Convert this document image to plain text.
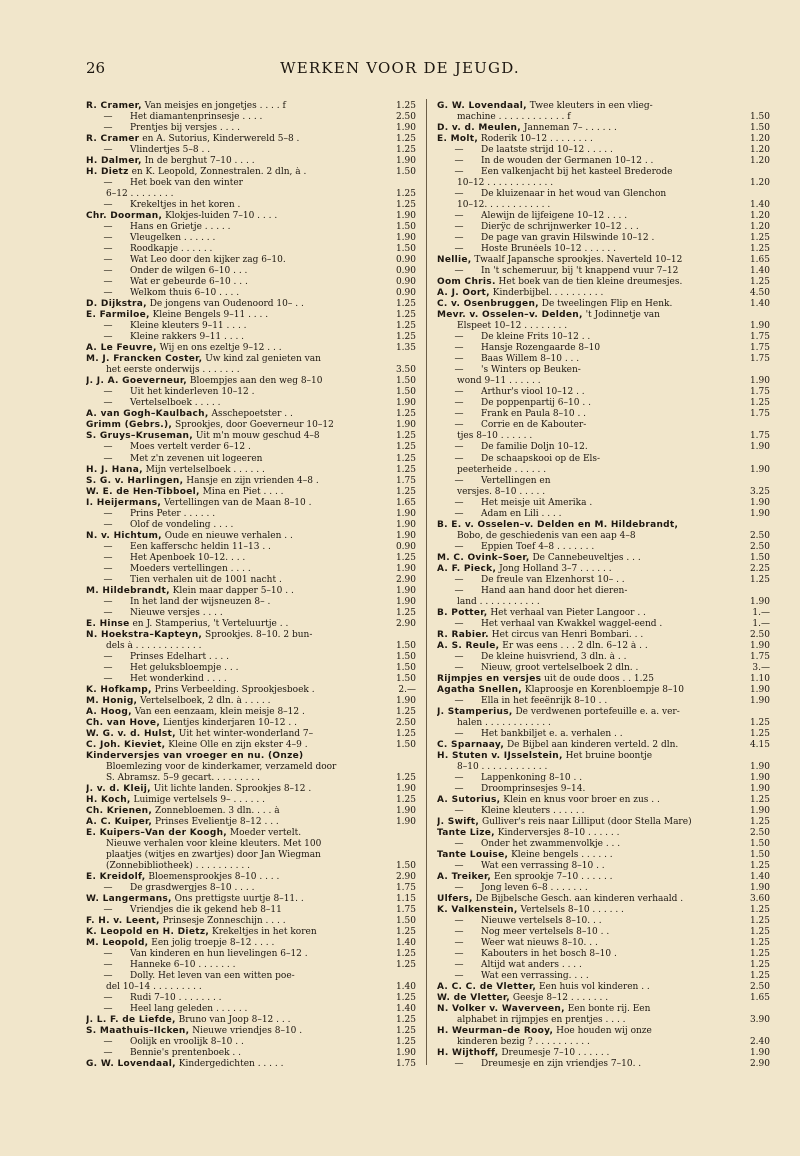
26	WERKEN VOOR DE JEUGD.
R. Cramer, Van meisjes en jongetjes . . . . f	1.25
— Het diamantenprinsesje . . . .	2.50
— Prentjes bij versjes . . . .	1.90
R. Cramer en A. Sutorius, Kinderwereld 5–8 .	1.25
— Vlindertjes 5–8 . .	1.25
H. Dalmer, In de berghut 7–10 . . . .	1.90
H. Dietz en K. Leopold, Zonnestralen. 2 dln, à .	1.50
— Het boek van den winter
6–12 . . . . . . . .	1.25
— Krekeltjes in het koren .	1.25
Chr. Doorman, Klokjes-luiden 7–10 . . . .	1.90
— Hans en Grietje . . . . .	1.50
— Vleugelken . . . . . .	1.90
— Roodkapje . . . . . .	1.50
— Wat Leo door den kijker zag 6–10.	0.90
— Onder de wilgen 6–10 . . .	0.90
— Wat er gebeurde 6–10 . . .	0.90
— Welkom thuis 6–10 . . . .	0.90
D. Dijkstra, De jongens van Oudenoord 10– . .	1.25
E. Farmiloe, Kleine Bengels 9–11 . . . .	1.25
— Kleine kleuters 9–11 . . . .	1.25
— Kleine rakkers 9–11 . . . .	1.25
A. Le Feuvre, Wij en ons ezeltje 9–12 . . .	1.35
M. J. Francken Coster, Uw kind zal genieten van
het eerste onderwijs . . . . . . .	3.50
J. J. A. Goeverneur, Bloempjes aan den weg 8–10	1.50
— Uit het kinderleven 10–12 .	1.50
— Vertelselboek . . . . .	1.90
A. van Gogh–Kaulbach, Asschepoetster . .	1.25
Grimm (Gebrs.), Sprookjes, door Goeverneur 10–12	1.90
S. Gruys–Kruseman, Uit m'n mouw geschud 4–8	1.25
— Moes vertelt verder 6–12 .	1.25
— Met z'n zevenen uit logeeren	1.25
H. J. Hana, Mijn vertelselboek . . . . . .	1.25
S. G. v. Harlingen, Hansje en zijn vrienden 4–8 .	1.75
W. E. de Hen-Tibboel, Mina en Piet . . . .	1.25
I. Heijermans, Vertellingen van de Maan 8–10 .	1.65
— Prins Peter . . . . . .	1.90
— Olof de vondeling . . . .	1.90
N. v. Hichtum, Oude en nieuwe verhalen . .	1.90
— Een kafferschc heldin 11–13 . .	0.90
— Het Apenboek 10–12. . . .	1.25
— Moeders vertellingen . . . .	1.90
— Tien verhalen uit de 1001 nacht .	2.90
M. Hildebrandt, Klein maar dapper 5–10 . .	1.90
— In het land der wijsneuzen 8– .	1.90
— Nieuwe versjes . . . .	1.25
E. Hinse en J. Stamperius, 't Verteluurtje . .	2.90
N. Hoekstra–Kapteyn, Sprookjes. 8–10. 2 bun-
dels à . . . . . . . . . . . .	1.50
— Prinses Edelhart . . . .	1.50
— Het geluksbloempje . . .	1.50
— Het wonderkind . . . .	1.50
K. Hofkamp, Prins Verbeelding. Sprookjesboek .	2.—
M. Honig, Vertelselboek, 2 dln. à . . . . .	1.90
A. Hoog, Van een eenzaam, klein meisje 8–12 .	1.25
Ch. van Hove, Lientjes kinderjaren 10–12 . .	2.50
W. G. v. d. Hulst, Uit het winter-wonderland 7–	1.25
C. Joh. Kieviet, Kleine Olle en zijn ekster 4–9 .	1.50
Kinderversjes van vroeger en nu. (Onze)
Bloemlezing voor de kinderkamer, verzameld door
S. Abramsz. 5–9 gecart. . . . . . . . .	1.25
J. v. d. Kleij, Uit lichte landen. Sprookjes 8–12 .	1.90
H. Koch, Luimige vertelsels 9– . . . . . .	1.25
Ch. Krienen, Zonnebloemen. 3 dln. . . . à	1.90
A. C. Kuiper, Prinses Evelientje 8–12 . . .	1.90
E. Kuipers–Van der Koogh, Moeder vertelt.
Nieuwe verhalen voor kleine kleuters. Met 100
plaatjes (witjes en zwartjes) door Jan Wiegman
(Zonnebibliotheek) . . . . . . . . . .	1.50
E. Kreidolf, Bloemensprookjes 8–10 . . . .	2.90
— De grasdwergjes 8–10 . . . .	1.75
W. Langermans, Ons prettigste uurtje 8–11. .	1.15
— Vriendjes die ik gekend heb 8–11	1.75
F. H. v. Leent, Prinsesje Zonneschijn . . . .	1.50
K. Leopold en H. Dietz, Krekeltjes in het koren	1.25
M. Leopold, Een jolig troepje 8–12 . . . .	1.40
— Van kinderen en hun lievelingen 6–12 .	1.25
— Hanneke 6–10 . . . . . . .	1.25
— Dolly. Het leven van een witten poe-
del 10–14 . . . . . . . . .	1.40
— Rudi 7–10 . . . . . . . .	1.25
— Heel lang geleden . . . . . .	1.40
J. L. F. de Liefde, Bruno van Joop 8–12 . . .	1.25
S. Maathuis–Ilcken, Nieuwe vriendjes 8–10 .	1.25
— Oolijk en vroolijk 8–10 . .	1.25
— Bennie's prentenboek . .	1.90
G. W. Lovendaal, Kindergedichten . . . . .	1.75
G. W. Lovendaal, Twee kleuters in een vlieg-
machine . . . . . . . . . . . . f	1.50
D. v. d. Meulen, Janneman 7– . . . . . .	1.50
E. Molt, Roderik 10–12 . . . . . . . .	1.20
— De laatste strijd 10–12 . . . . .	1.20
— In de wouden der Germanen 10–12 . .	1.20
— Een valkenjacht bij het kasteel Brederode
10–12 . . . . . . . . . . . .	1.20
— De kluizenaar in het woud van Glenchon
10–12. . . . . . . . . . . .	1.40
— Alewijn de lijfeigene 10–12 . . . .	1.20
— Dierÿc de schrijnwerker 10–12 . . .	1.20
— De page van gravin Hilswinde 10–12 .	1.25
— Hoste Brunéels 10–12 . . . . . .	1.25
Nellie, Twaalf Japansche sprookjes. Naverteld 10–12	1.65
— In 't schemeruur, bij 't knappend vuur 7–12	1.40
Oom Chris. Het boek van de tien kleine dreumesjes.	1.25
A. J. Oort, Kinderbijbel. . . . . . . . . .	4.50
C. v. Osenbruggen, De tweelingen Flip en Henk.	1.40
Mevr. v. Osselen–v. Delden, 't Jodinnetje van
Elspeet 10–12 . . . . . . . .	1.90
— De kleine Frits 10–12 . .	1.75
— Hansje Rozengaarde 8–10	1.75
— Baas Willem 8–10 . . .	1.75
— 's Winters op Beuken-
wond 9–11 . . . . . .	1.90
— Arthur's viool 10–12 . .	1.75
— De poppenpartij 6–10 . .	1.25
— Frank en Paula 8–10 . .	1.75
— Corrie en de Kabouter-
tjes 8–10 . . . . . .	1.75
— De familie Doljn 10–12.	1.90
— De schaapskooi op de Els-
peeterheide . . . . . .	1.90
— Vertellingen en
versjes. 8–10 . . . . .	3.25
— Het meisje uit Amerika .	1.90
— Adam en Lili . . . .	1.90
B. E. v. Osselen–v. Delden en M. Hildebrandt,
Bobo, de geschiedenis van een aap 4–8	2.50
— Eppien Toef 4–8 . . . . . . .	2.50
M. C. Ovink–Soer, De Cannebeuveltjes . . .	1.50
A. F. Pieck, Jong Holland 3–7 . . . . . .	2.25
— De freule van Elzenhorst 10– . .	1.25
— Hand aan hand door het dieren-
land . . . . . . . . . . .	1.90
B. Potter, Het verhaal van Pieter Langoor . .	1.—
— Het verhaal van Kwakkel waggel-eend .	1.—
R. Rabier. Het circus van Henri Bombari. . .	2.50
A. S. Reule, Er was eens . . . 2 dln. 6–12 à . .	1.90
— De kleine huisvriend, 3 dln. à . .	1.75
— Nieuw, groot vertelselboek 2 dln. .	3.—
Rijmpjes en versjes uit de oude doos . . 1.25	1.10
Agatha Snellen, Klaproosje en Korenbloempje 8–10	1.90
— Ella in het feeënrijk 8–10 . .	1.90
J. Stamperius, De verdwenen portefeuille e. a. ver-
halen . . . . . . . . . . . .	1.25
— Het bankbiljet e. a. verhalen . .	1.25
C. Sparnaay, De Bijbel aan kinderen verteld. 2 dln.	4.15
H. Stuten v. IJsselstein, Het bruine boontje
8–10 . . . . . . . . . . . .	1.90
— Lappenkoning 8–10 . .	1.90
— Droomprinsesjes 9–14.	1.90
A. Sutorius, Klein en knus voor broer en zus . .	1.25
— Kleine kleuters . . . . . .	1.90
J. Swift, Gulliver's reis naar Lilliput (door Stella Mare)	1.25
Tante Lize, Kinderversjes 8–10 . . . . . .	2.50
— Onder het zwammenvolkje . . .	1.50
Tante Louise, Kleine bengels . . . . . .	1.50
— Wat een verrassing 8–10 . .	1.25
A. Treiker, Een sprookje 7–10 . . . . . .	1.40
— Jong leven 6–8 . . . . . . .	1.90
Ulfers, De Bijbelsche Gesch. aan kinderen verhaald .	3.60
K. Valkenstein, Vertelsels 8–10 . . . . . .	1.25
— Nieuwe vertelsels 8–10. . .	1.25
— Nog meer vertelsels 8–10 . .	1.25
— Weer wat nieuws 8–10. . .	1.25
— Kabouters in het bosch 8–10 .	1.25
— Altijd wat anders . . . .	1.25
— Wat een verrassing. . . .	1.25
A. C. C. de Vletter, Een huis vol kinderen . .	2.50
W. de Vletter, Geesje 8–12 . . . . . . .	1.65
N. Volker v. Waverveen, Een bonte rij. Een
alphabet in rijmpjes en prentjes . . . .	3.90
H. Weurman–de Rooy, Hoe houden wij onze
kinderen bezig ? . . . . . . . . . .	2.40
H. Wijthoff, Dreumesje 7–10 . . . . . .	1.90
— Dreumesje en zijn vriendjes 7–10. .	2.90
